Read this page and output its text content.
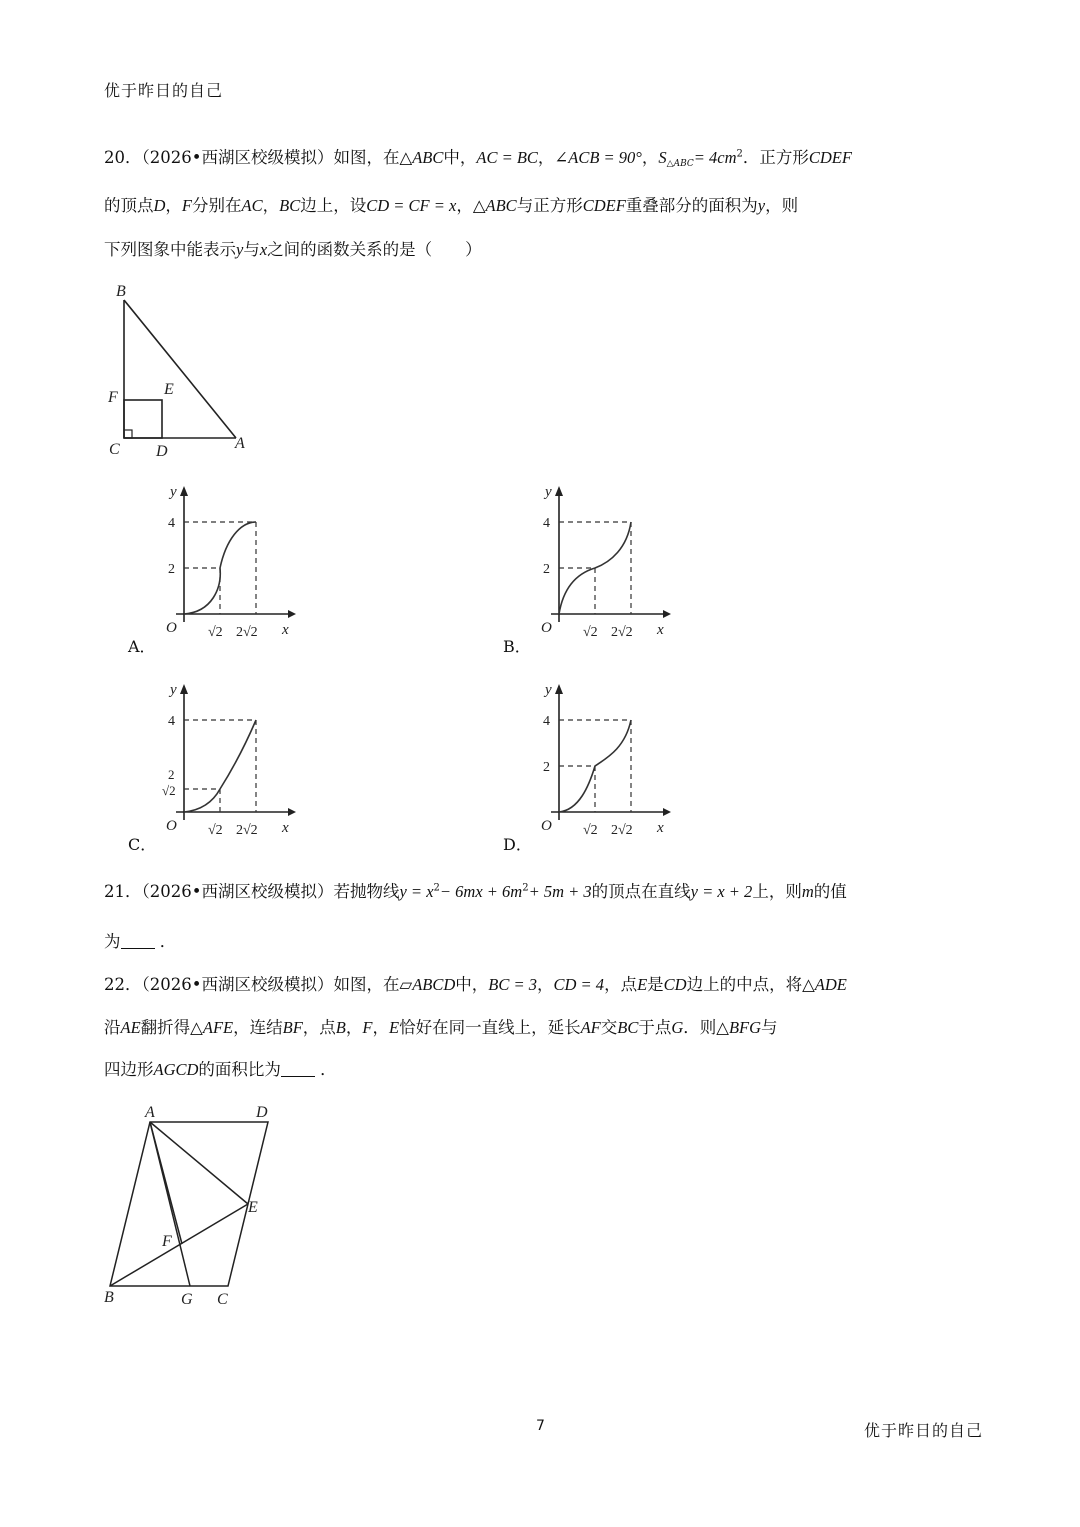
优于昨日的自己
20．（2026•西湖区校级模拟）如图，在△ABC中，AC = BC，∠ACB = 90°，$S_{\triangle ABC}= 4cm^2$．正方形CDEF
的顶点D，F分别在AC，BC边上，设CD = CF = x，△ABC与正方形CDEF重叠部分的面积为y，则
下列图象中能表示y与x之间的函数关系的是（　　）
B
F	E
C D	A
A．
y
x
O
4
2
√2 2√2
B．
y
x
O
4
2
√2 2√2
C．
y
x
O
4
2
√2
√2 2√2
D．
y
x
O
4
2
√2 2√2
21．（2026•西湖区校级模拟）若抛物线$y = x^2- 6mx + 6m^2+ 5m + 3$的顶点在直线y = x + 2上，则m的值
为 ．
22．（2026•西湖区校级模拟）如图，在▱ABCD中，BC = 3，CD = 4，点E是CD边上的中点，将△ADE
沿AE翻折得△AFE，连结BF，点B，F，E恰好在同一直线上，延长AF交BC于点G．则△BFG与
四边形AGCD的面积比为 ．
A	D
E
F
B	G C
7	优于昨日的自己
